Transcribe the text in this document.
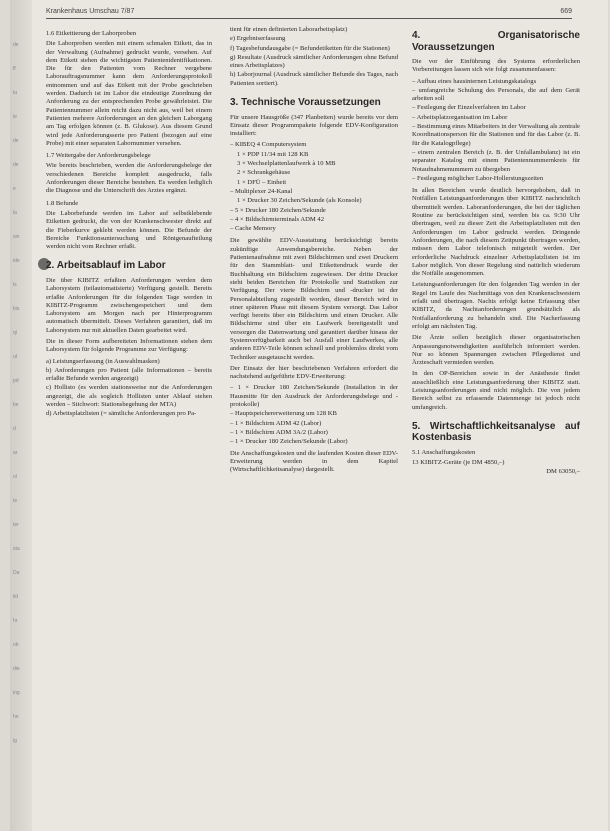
de
ff
tu
ie
de
de
e
la
sin
ide
ls
bis
qi
ut
pd
be
d
ar
ol
te
ter
sta
Da
ild
hr
ob
die
ing
hn
ig
Krankenhaus Umschau 7/87	669
1.6 Etikettierung der Laborproben

Die Laborproben werden mit einem schmalen Etikett, das in der Verwaltung (Aufnahme) gedruckt wurde, versehen. Auf dem Etikett stehen die wichtigsten Patientenidentifikationen. Die für den Patienten vom Rechner vergebene Laborauftragsnummer kann dem Anforderungsprotokoll entnommen und auf das Etikett mit der Probe geschrieben werden. Dadurch ist im Labor die eindeutige Zuordnung der Anforderung zu der entsprechenden Probe gewährleistet. Die Patientennummer allein reicht dazu nicht aus, weil bei einem Patienten mehrere Anforderungen an den gleichen Laborgang am Tag erfolgen können (z. B. Glukose). Aus diesem Grund wird jede Anforderungsserie pro Patient (bezogen auf eine Probe) mit einer separaten Labornummer versehen.

1.7 Weitergabe der Anforderungsbelege

Wie bereits beschrieben, werden die Anforderungsbelege der verschiedenen Bereiche komplett ausgedruckt, falls Anforderungen dieser Bereiche bestehen. Es werden lediglich die Diagnose und die Unterschrift des Arztes ergänzt.

1.8 Befunde

Die Laborbefunde werden im Labor auf selbstklebende Etiketten gedruckt, die von der Krankenschwester direkt auf die Fieberkurve geklebt werden können. Die Befunde der Bereiche Funktionsuntersuchung und Röntgenaufteilung werden nicht vom Rechner erfaßt.

2. Arbeitsablauf im Labor

Die über KIBITZ erfaßten Anforderungen werden dem Laborsystem (teilautomatisierte) Verfügung gestellt. Bereits erfaßte Anforderungen für die folgenden Tage werden in KIBITZ-Programm zwischengespeichert und dem Laborsystem am Morgen nach per Hinterprogramm automatisch übermittelt. Dieses Verfahren garantiert, daß im Laborsystem nur mit aktuellen Daten gearbeitet wird.

Die in dieser Form aufbereiteten Informationen stehen dem Laborsystem für folgende Programme zur Verfügung:

a) Leistungserfassung (in Auswahlmasken)
b) Anforderungen pro Patient (alle Informationen – bereits erfaßte Befunde werden angezeigt)
c) Hollisto (es werden stationsweise nur die Anforderungen angezeigt, die als sogleich Hollisten unter Ablauf stehen werden – Stichwort: Stationsbegehung der MTA)
d) Arbeitsplatzlisten (= sämtliche Anforderungen pro Pa-
tient für einen definierten Laborarbeitsplatz)
e) Ergebniserfassung
f) Tagesbefundausgabe (= Befundetiketten für die Stationen)
g) Resultate (Ausdruck sämtlicher Anforderungen ohne Befund eines Arbeitsplatzes)
h) Laborjournal (Ausdruck sämtlicher Befunde des Tages, nach Patienten sortiert).
3. Technische Voraussetzungen

Für unsere Hausgröße (347 Planbetten) wurde bereits vor dem Einsatz dieser Programmpakete folgende EDV-Konfiguration installiert:

– KIBEQ 4 Computersystem
1 × PDP 11/34 mit 128 KB
3 × Wechselplattenlaufwerk à 10 MB
2 × Schrankgehäuse
1 × DFÜ – Einheit
– Multiplexer 24-Kanal
1 × Drucker 30 Zeichen/Sekunde (als Konsole)
– 5 × Drucker 180 Zeichen/Sekunde
– 4 × Bildschirmterminals ADM 42
– Cache Memory

Die gewählte EDV-Ausstattung berücksichtigt bereits zukünftige Anwendungsbereiche. Neben der Patientenaufnahme mit zwei Bildschirmen und zwei Druckern für den Stammblatt- und Etikettendruck wurde der Buchhaltung ein Bildschirm zugewiesen. Der dritte Drucker steht beiden Bereichen für Protokolle und Statistiken zur Verfügung. Der vierte Bildschirm und -drucker ist der Personalabteilung zugestellt worden, dieser Bereich wird in einer späteren Phase mit diesem System versorgt. Das Labor verfügt bereits über ein Bildschirm und einen Drucker. Alle Bildschirme sind über ein Laufwerk bereitgestellt und versorgen die Datenwartung und garantiert darüber hinaus der Systemverfügbarkeit auch bei Ausfall einer Laufwerkes, alle anderen EDV-Teile können schnell und problemlos direkt vom Techniker ausgetauscht werden.

Der Einsatz der hier beschriebenen Verfahren erfordert die nachstehend aufgeführte EDV-Erweiterung:

– 1 × Drucker 180 Zeichen/Sekunde (Installation in der Hausmitte für den Ausdruck der Anforderungsbelege und -protokolle)
– Hauptspeichererweiterung um 128 KB
– 1 × Bildschirm ADM 42 (Labor)
– 1 × Bildschirm ADM 3A/2 (Labor)
– 1 × Drucker 180 Zeichen/Sekunde (Labor)

Die Anschaffungskosten und die laufenden Kosten dieser EDV-Erweiterung werden in dem Kapitel (Wirtschaftlichkeitsanalyse) dargestellt.

4. Organisatorische Voraussetzungen

Die vor der Einführung des Systems erforderlichen Vorbereitungen lassen sich wie folgt zusammenfassen:

– Aufbau eines hausinternen Leistungskatalogs
– umfangreiche Schulung des Personals, die auf dem Gerät arbeiten soll
– Festlegung der Einzelverfahren im Labor
– Arbeitsplatzorganisation im Labor
– Bestimmung eines Mitarbeiters in der Verwaltung als zentrale Koordinationsperson für die Stationen und für das Labor (z. B. für die Katalogpflege)
– einem zentralen Bereich (z. B. der Unfallambulanz) ist ein separater Katalog mit einem Patientennummernkreis für Notaufnahmenummern zu übergeben
– Festlegung möglicher Labor-Hollerstungszeiten

In allen Bereichen wurde deutlich hervorgehoben, daß in Notfällen Leistungsanforderungen über KIBITZ nachrichtlich übermittelt werden. Laboranforderungen, die bei der täglichen Routine zu berücksichtigen sind, werden bis ca. 9:30 Uhr übertragen, weil zu dieser Zeit die Arbeitsplatzlisten mit den Anforderungen im Labor gedruckt werden. Dringende Anforderungen, die nach diesem Zeitpunkt übertragen werden, müssen dem Labor telefonisch mitgeteilt werden. Der erforderliche Nachdruck einzelner Arbeitsplatzlisten ist im Labor möglich. Von dieser Regelung sind natürlich wiederum die Notfälle ausgenommen.

Leistungsanforderungen für den folgenden Tag werden in der Regel im Laufe des Nachmittags von den Krankenschwestern erfaßt und übertragen. Nachts erfolgt keine Erfassung über KIBITZ, da Nachtanforderungen grundsätzlich als Notfallanforderung zu behandeln sind. Die Nacherfassung erfolgt am nächsten Tag.

Die Ärzte sollen bezüglich dieser organisatorischen Anpassungsnotwendigkeiten ausführlich informiert werden. Nur so können Spannungen zwischen Pflegedienst und Ärzteschaft vermieden werden.

In den OP-Bereichen sowie in der Anästhesie findet ausschließlich eine Leistungsanforderung über KIBITZ statt. Leistungsanforderungen sind nicht möglich. Die von jedem Bereich selbst zu erfassende Datenmenge ist jedoch nicht umfangreich.

5. Wirtschaftlichkeitsanalyse auf Kostenbasis
5.1 Anschaffungskosten
13 KIBITZ-Geräte (je DM 4850,–)
DM 63050,–
